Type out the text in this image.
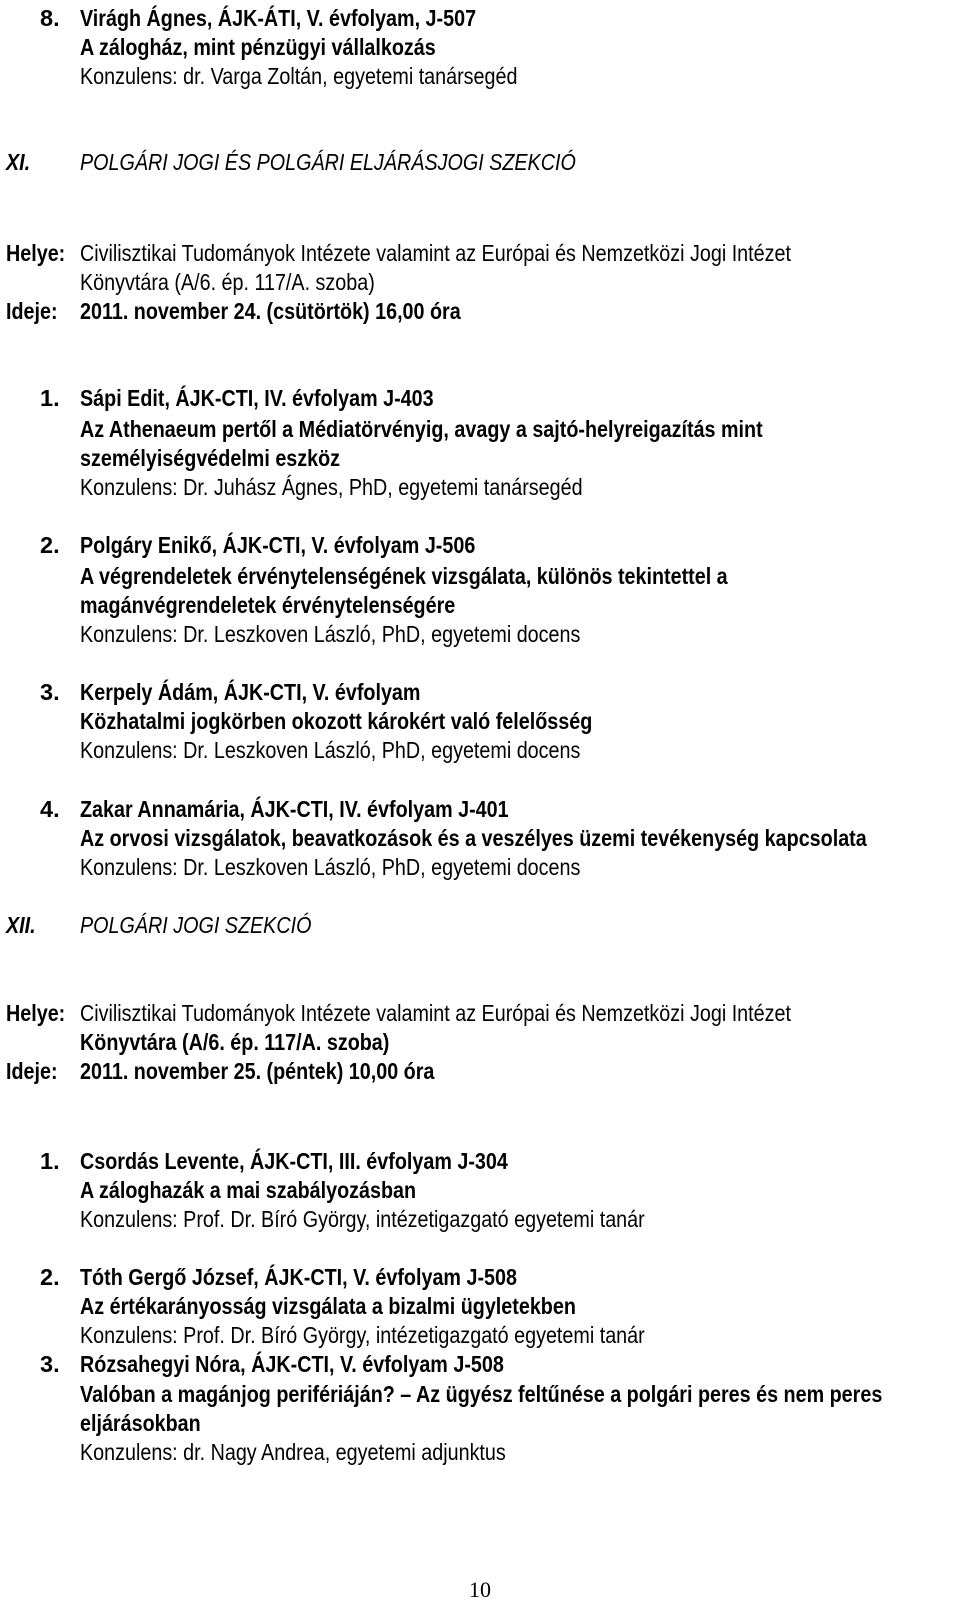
8. Virágh Ágnes, ÁJK-ÁTI, V. évfolyam, J-507
A zálogház, mint pénzügyi vállalkozás
Konzulens: dr. Varga Zoltán, egyetemi tanársegéd
XI. POLGÁRI JOGI ÉS POLGÁRI ELJÁRÁSJOGI SZEKCIÓ
Helye: Civilisztikai Tudományok Intézete valamint az Európai és Nemzetközi Jogi Intézet
Könyvtára (A/6. ép. 117/A. szoba)
Ideje: 2011. november 24. (csütörtök) 16,00 óra
1. Sápi Edit, ÁJK-CTI, IV. évfolyam J-403
Az Athenaeum pertől a Médiatörvényig, avagy a sajtó-helyreigazítás mint
személyiségvédelmi eszköz
Konzulens: Dr. Juhász Ágnes, PhD, egyetemi tanársegéd
2. Polgáry Enikő, ÁJK-CTI, V. évfolyam J-506
A végrendeletek érvénytelenségének vizsgálata, különös tekintettel a
magánvégrendeletek érvénytelenségére
Konzulens: Dr. Leszkoven László, PhD, egyetemi docens
3. Kerpely Ádám, ÁJK-CTI, V. évfolyam
Közhatalmi jogkörben okozott károkért való felelősség
Konzulens: Dr. Leszkoven László, PhD, egyetemi docens
4. Zakar Annamária, ÁJK-CTI, IV. évfolyam J-401
Az orvosi vizsgálatok, beavatkozások és a veszélyes üzemi tevékenység kapcsolata
Konzulens: Dr. Leszkoven László, PhD, egyetemi docens
XII. POLGÁRI JOGI SZEKCIÓ
Helye: Civilisztikai Tudományok Intézete valamint az Európai és Nemzetközi Jogi Intézet
Könyvtára (A/6. ép. 117/A. szoba)
Ideje: 2011. november 25. (péntek) 10,00 óra
1. Csordás Levente, ÁJK-CTI, III. évfolyam J-304
A záloghazák a mai szabályozásban
Konzulens: Prof. Dr. Bíró György, intézetigazgató egyetemi tanár
2. Tóth Gergő József, ÁJK-CTI, V. évfolyam J-508
Az értékarányosság vizsgálata a bizalmi ügyletekben
Konzulens: Prof. Dr. Bíró György, intézetigazgató egyetemi tanár
3. Rózsahegyi Nóra, ÁJK-CTI, V. évfolyam J-508
Valóban a magánjog perifériáján? – Az ügyész feltűnése a polgári peres és nem peres
eljárásokban
Konzulens: dr. Nagy Andrea, egyetemi adjunktus
10
